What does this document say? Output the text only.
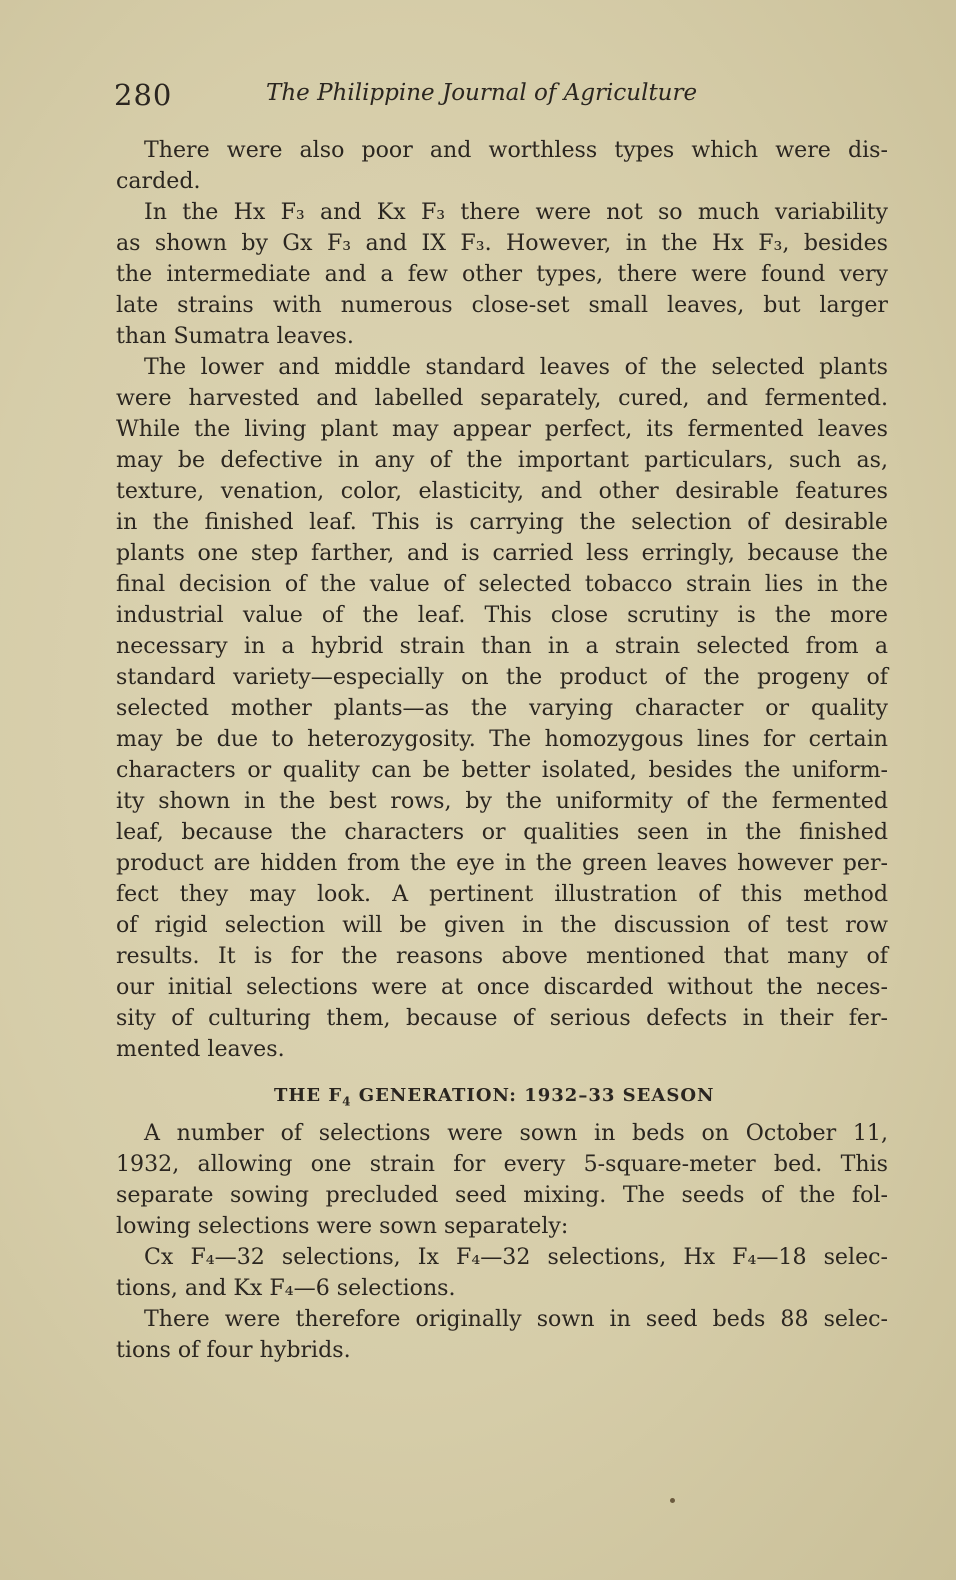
280	The Philippine Journal of Agriculture
There were also poor and worthless types which were dis-
carded.
In the Hx F₃ and Kx F₃ there were not so much variability
as shown by Gx F₃ and IX F₃. However, in the Hx F₃, besides
the intermediate and a few other types, there were found very
late strains with numerous close-set small leaves, but larger
than Sumatra leaves.
The lower and middle standard leaves of the selected plants
were harvested and labelled separately, cured, and fermented.
While the living plant may appear perfect, its fermented leaves
may be defective in any of the important particulars, such as,
texture, venation, color, elasticity, and other desirable features
in the finished leaf. This is carrying the selection of desirable
plants one step farther, and is carried less erringly, because the
final decision of the value of selected tobacco strain lies in the
industrial value of the leaf. This close scrutiny is the more
necessary in a hybrid strain than in a strain selected from a
standard variety—especially on the product of the progeny of
selected mother plants—as the varying character or quality
may be due to heterozygosity. The homozygous lines for certain
characters or quality can be better isolated, besides the uniform-
ity shown in the best rows, by the uniformity of the fermented
leaf, because the characters or qualities seen in the finished
product are hidden from the eye in the green leaves however per-
fect they may look. A pertinent illustration of this method
of rigid selection will be given in the discussion of test row
results. It is for the reasons above mentioned that many of
our initial selections were at once discarded without the neces-
sity of culturing them, because of serious defects in their fer-
mented leaves.
THE $F_4$ GENERATION: 1932–33 SEASON
A number of selections were sown in beds on October 11,
1932, allowing one strain for every 5-square-meter bed. This
separate sowing precluded seed mixing. The seeds of the fol-
lowing selections were sown separately:
Cx F₄—32 selections, Ix F₄—32 selections, Hx F₄—18 selec-
tions, and Kx F₄—6 selections.
There were therefore originally sown in seed beds 88 selec-
tions of four hybrids.
